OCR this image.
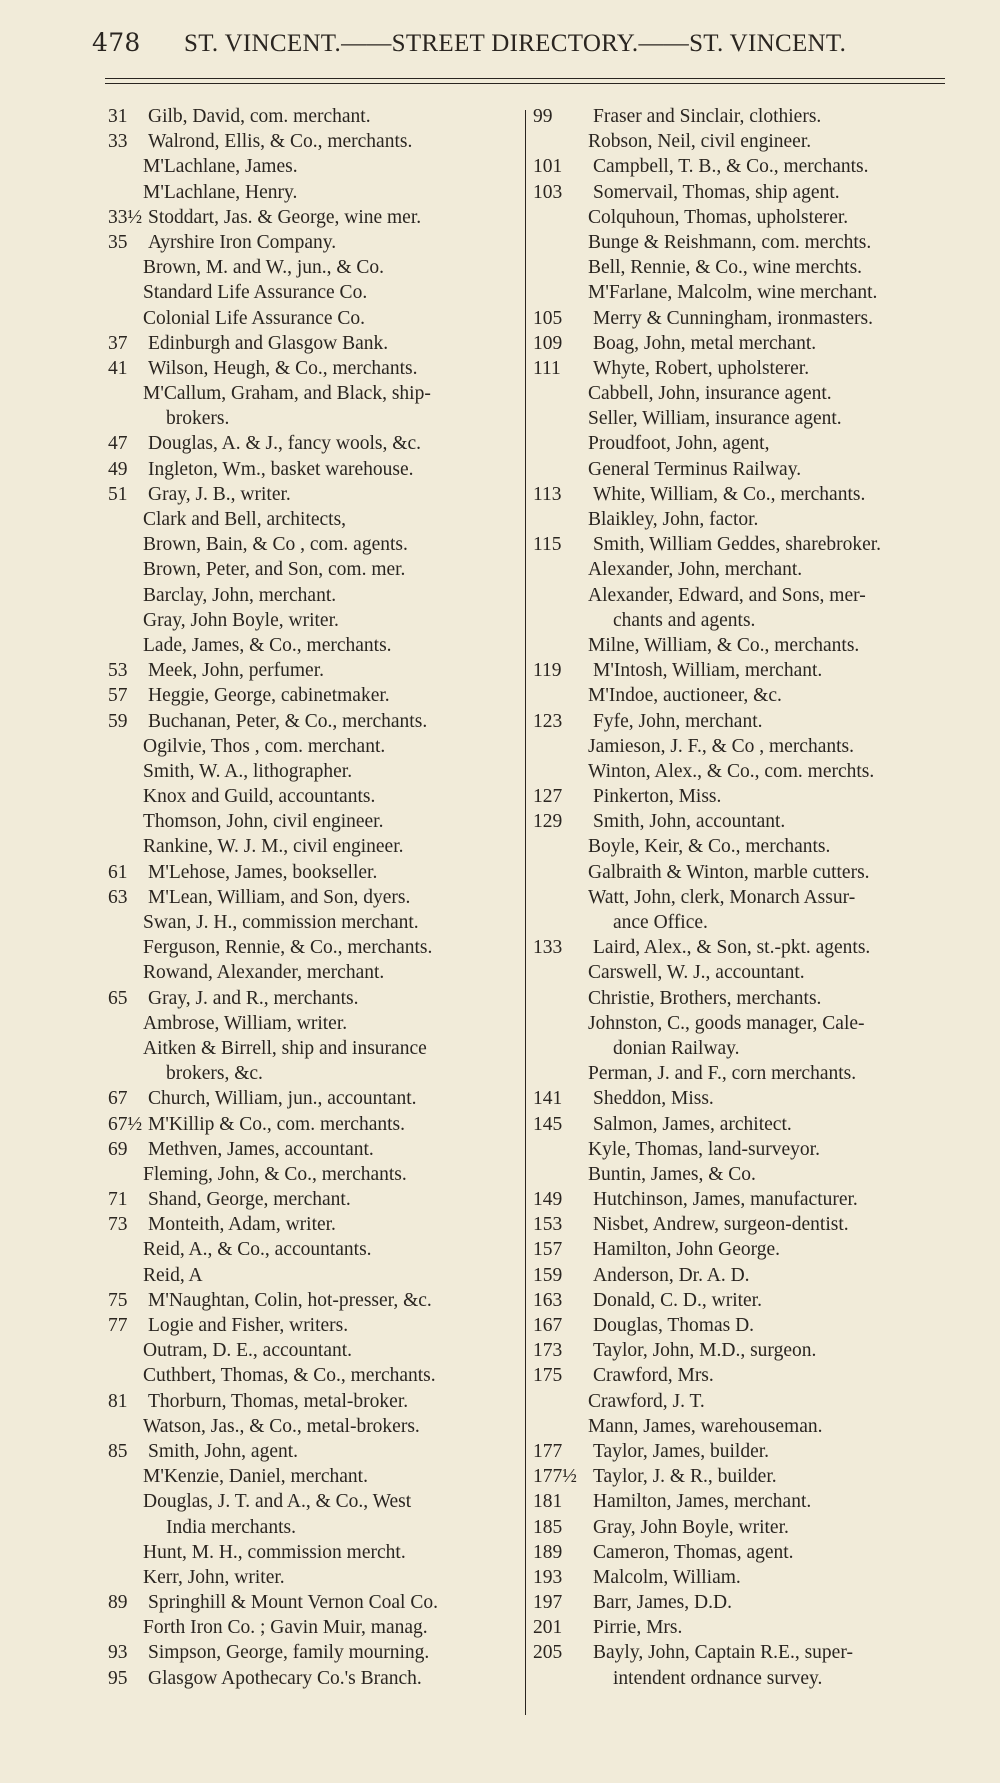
478 ST. VINCENT.——STREET DIRECTORY.——ST. VINCENT.
31	Gilb, David, com. merchant.
33	Walrond, Ellis, & Co., merchants.
M'Lachlane, James.
M'Lachlane, Henry.
33½ Stoddart, Jas. & George, wine mer.
35	Ayrshire Iron Company.
Brown, M. and W., jun., & Co.
Standard Life Assurance Co.
Colonial Life Assurance Co.
37	Edinburgh and Glasgow Bank.
41	Wilson, Heugh, & Co., merchants.
M'Callum, Graham, and Black, ship-
brokers.
47	Douglas, A. & J., fancy wools, &c.
49	Ingleton, Wm., basket warehouse.
51	Gray, J. B., writer.
Clark and Bell, architects,
Brown, Bain, & Co , com. agents.
Brown, Peter, and Son, com. mer.
Barclay, John, merchant.
Gray, John Boyle, writer.
Lade, James, & Co., merchants.
53	Meek, John, perfumer.
57	Heggie, George, cabinetmaker.
59	Buchanan, Peter, & Co., merchants.
Ogilvie, Thos , com. merchant.
Smith, W. A., lithographer.
Knox and Guild, accountants.
Thomson, John, civil engineer.
Rankine, W. J. M., civil engineer.
61	M'Lehose, James, bookseller.
63	M'Lean, William, and Son, dyers.
Swan, J. H., commission merchant.
Ferguson, Rennie, & Co., merchants.
Rowand, Alexander, merchant.
65	Gray, J. and R., merchants.
Ambrose, William, writer.
Aitken & Birrell, ship and insurance
brokers, &c.
67	Church, William, jun., accountant.
67½ M'Killip & Co., com. merchants.
69	Methven, James, accountant.
Fleming, John, & Co., merchants.
71	Shand, George, merchant.
73	Monteith, Adam, writer.
Reid, A., & Co., accountants.
Reid, A
75	M'Naughtan, Colin, hot-presser, &c.
77	Logie and Fisher, writers.
Outram, D. E., accountant.
Cuthbert, Thomas, & Co., merchants.
81	Thorburn, Thomas, metal-broker.
Watson, Jas., & Co., metal-brokers.
85	Smith, John, agent.
M'Kenzie, Daniel, merchant.
Douglas, J. T. and A., & Co., West
India merchants.
Hunt, M. H., commission mercht.
Kerr, John, writer.
89	Springhill & Mount Vernon Coal Co.
Forth Iron Co. ; Gavin Muir, manag.
93	Simpson, George, family mourning.
95	Glasgow Apothecary Co.'s Branch.
99	Fraser and Sinclair, clothiers.
Robson, Neil, civil engineer.
101	Campbell, T. B., & Co., merchants.
103	Somervail, Thomas, ship agent.
Colquhoun, Thomas, upholsterer.
Bunge & Reishmann, com. merchts.
Bell, Rennie, & Co., wine merchts.
M'Farlane, Malcolm, wine merchant.
105	Merry & Cunningham, ironmasters.
109	Boag, John, metal merchant.
111	Whyte, Robert, upholsterer.
Cabbell, John, insurance agent.
Seller, William, insurance agent.
Proudfoot, John, agent,
General Terminus Railway.
113	White, William, & Co., merchants.
Blaikley, John, factor.
115	Smith, William Geddes, sharebroker.
Alexander, John, merchant.
Alexander, Edward, and Sons, mer-
chants and agents.
Milne, William, & Co., merchants.
119	M'Intosh, William, merchant.
M'Indoe, auctioneer, &c.
123	Fyfe, John, merchant.
Jamieson, J. F., & Co , merchants.
Winton, Alex., & Co., com. merchts.
127	Pinkerton, Miss.
129	Smith, John, accountant.
Boyle, Keir, & Co., merchants.
Galbraith & Winton, marble cutters.
Watt, John, clerk, Monarch Assur-
ance Office.
133	Laird, Alex., & Son, st.-pkt. agents.
Carswell, W. J., accountant.
Christie, Brothers, merchants.
Johnston, C., goods manager, Cale-
donian Railway.
Perman, J. and F., corn merchants.
141	Sheddon, Miss.
145	Salmon, James, architect.
Kyle, Thomas, land-surveyor.
Buntin, James, & Co.
149	Hutchinson, James, manufacturer.
153	Nisbet, Andrew, surgeon-dentist.
157	Hamilton, John George.
159	Anderson, Dr. A. D.
163	Donald, C. D., writer.
167	Douglas, Thomas D.
173	Taylor, John, M.D., surgeon.
175	Crawford, Mrs.
Crawford, J. T.
Mann, James, warehouseman.
177	Taylor, James, builder.
177½ Taylor, J. & R., builder.
181	Hamilton, James, merchant.
185	Gray, John Boyle, writer.
189	Cameron, Thomas, agent.
193	Malcolm, William.
197	Barr, James, D.D.
201	Pirrie, Mrs.
205	Bayly, John, Captain R.E., super-
intendent ordnance survey.
